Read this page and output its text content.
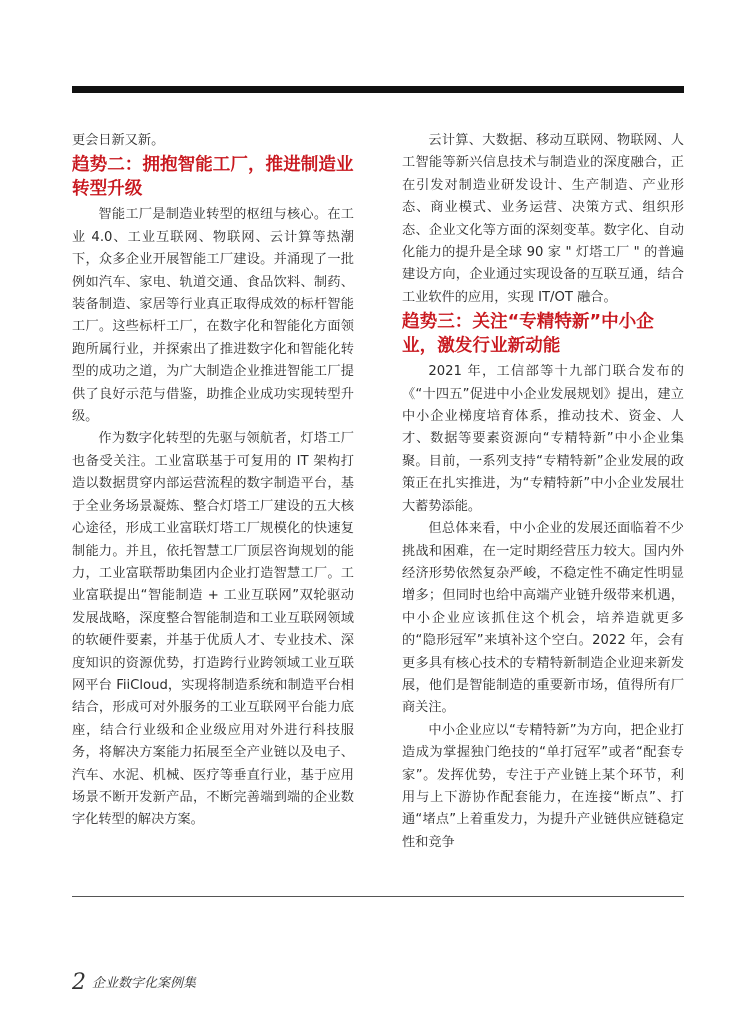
更会日新又新。

趋势二：拥抱智能工厂，推进制造业转型升级

智能工厂是制造业转型的枢纽与核心。在工业 4.0、工业互联网、物联网、云计算等热潮下，众多企业开展智能工厂建设。并涌现了一批例如汽车、家电、轨道交通、食品饮料、制药、装备制造、家居等行业真正取得成效的标杆智能工厂。这些标杆工厂，在数字化和智能化方面领跑所属行业，并探索出了推进数字化和智能化转型的成功之道，为广大制造企业推进智能工厂提供了良好示范与借鉴，助推企业成功实现转型升级。

作为数字化转型的先驱与领航者，灯塔工厂也备受关注。工业富联基于可复用的 IT 架构打造以数据贯穿内部运营流程的数字制造平台，基于全业务场景凝炼、整合灯塔工厂建设的五大核心途径，形成工业富联灯塔工厂规模化的快速复制能力。并且，依托智慧工厂顶层咨询规划的能力，工业富联帮助集团内企业打造智慧工厂。工业富联提出“智能制造 + 工业互联网”双轮驱动发展战略，深度整合智能制造和工业互联网领域的软硬件要素，并基于优质人才、专业技术、深度知识的资源优势，打造跨行业跨领域工业互联网平台 FiiCloud，实现将制造系统和制造平台相结合，形成可对外服务的工业互联网平台能力底座，结合行业级和企业级应用对外进行科技服务，将解决方案能力拓展至全产业链以及电子、汽车、水泥、机械、医疗等垂直行业，基于应用场景不断开发新产品，不断完善端到端的企业数字化转型的解决方案。

云计算、大数据、移动互联网、物联网、人工智能等新兴信息技术与制造业的深度融合，正在引发对制造业研发设计、生产制造、产业形态、商业模式、业务运营、决策方式、组织形态、企业文化等方面的深刻变革。数字化、自动化能力的提升是全球 90 家 " 灯塔工厂 " 的普遍建设方向，企业通过实现设备的互联互通，结合工业软件的应用，实现 IT/OT 融合。

趋势三：关注“专精特新”中小企业，激发行业新动能

2021 年，工信部等十九部门联合发布的《“十四五”促进中小企业发展规划》提出，建立中小企业梯度培育体系，推动技术、资金、人才、数据等要素资源向“专精特新”中小企业集聚。目前，一系列支持“专精特新”企业发展的政策正在扎实推进，为“专精特新”中小企业发展壮大蓄势添能。

但总体来看，中小企业的发展还面临着不少挑战和困难，在一定时期经营压力较大。国内外经济形势依然复杂严峻，不稳定性不确定性明显增多；但同时也给中高端产业链升级带来机遇，中小企业应该抓住这个机会，培养造就更多的“隐形冠军”来填补这个空白。2022 年，会有更多具有核心技术的专精特新制造企业迎来新发展，他们是智能制造的重要新市场，值得所有厂商关注。

中小企业应以“专精特新”为方向，把企业打造成为掌握独门绝技的“单打冠军”或者“配套专家”。发挥优势，专注于产业链上某个环节，利用与上下游协作配套能力，在连接“断点”、打通“堵点”上着重发力，为提升产业链供应链稳定性和竞争

2 企业数字化案例集
